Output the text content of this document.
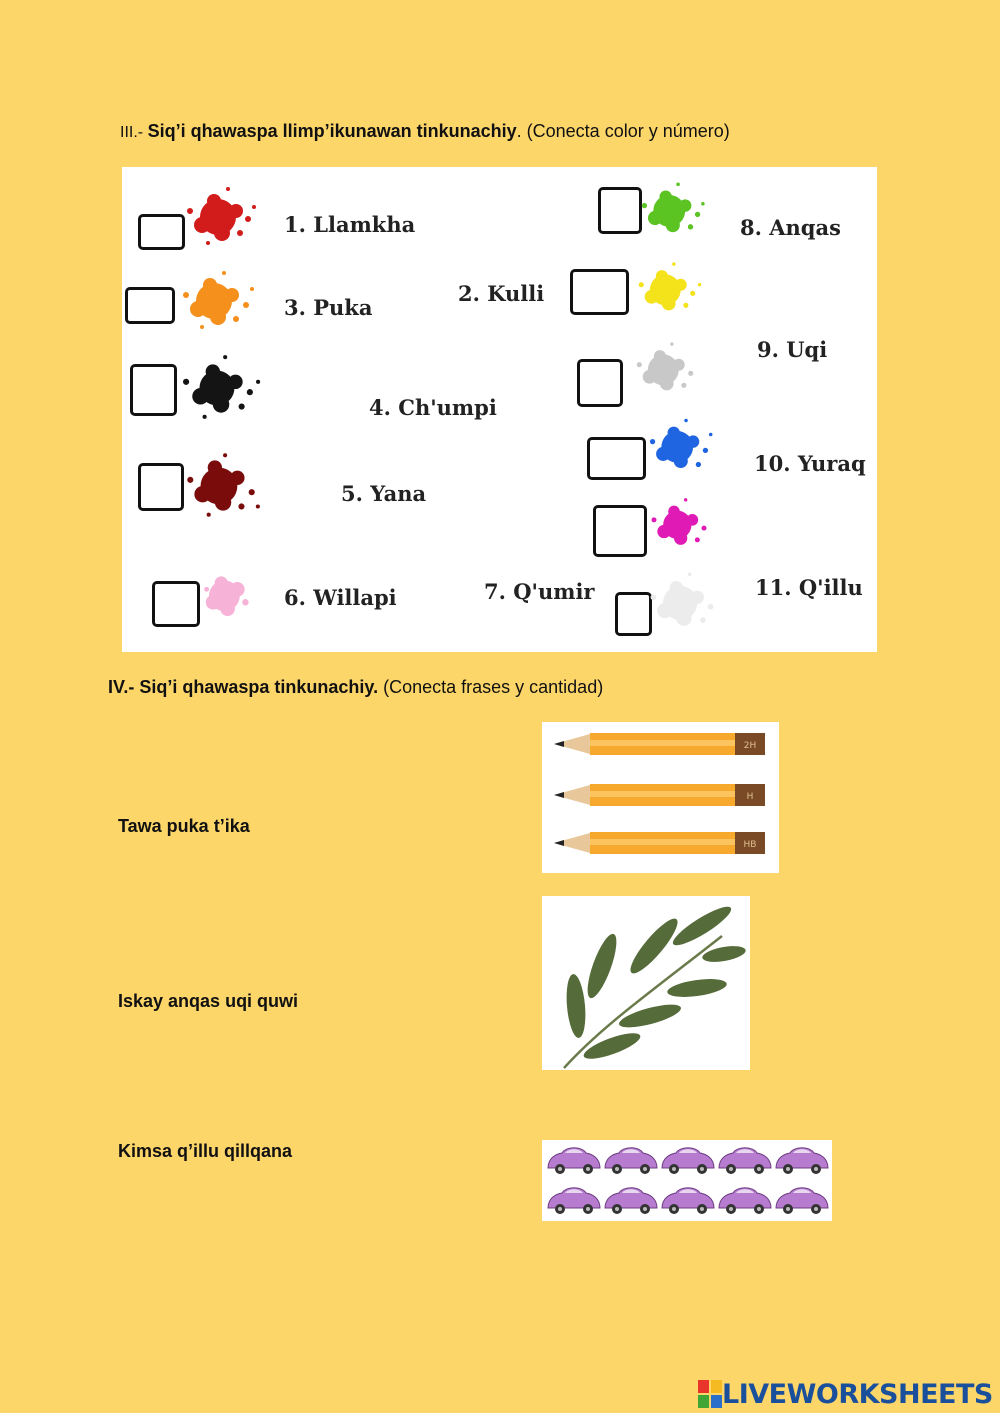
III.- Siq’i qhawaspa llimp’ikunawan tinkunachiy. (Conecta color y número)
1. Llamkha
2. Kulli
3. Puka
4. Ch'umpi
5. Yana
6. Willapi	7. Q'umir
8. Anqas
9. Uqi
10. Yuraq
11. Q'illu
IV.- Siq’i qhawaspa tinkunachiy. (Conecta frases y cantidad)
Tawa puka t’ika
Iskay anqas uqi quwi
Kimsa q’illu qillqana
2H
H
HB
LIVEWORKSHEETS
